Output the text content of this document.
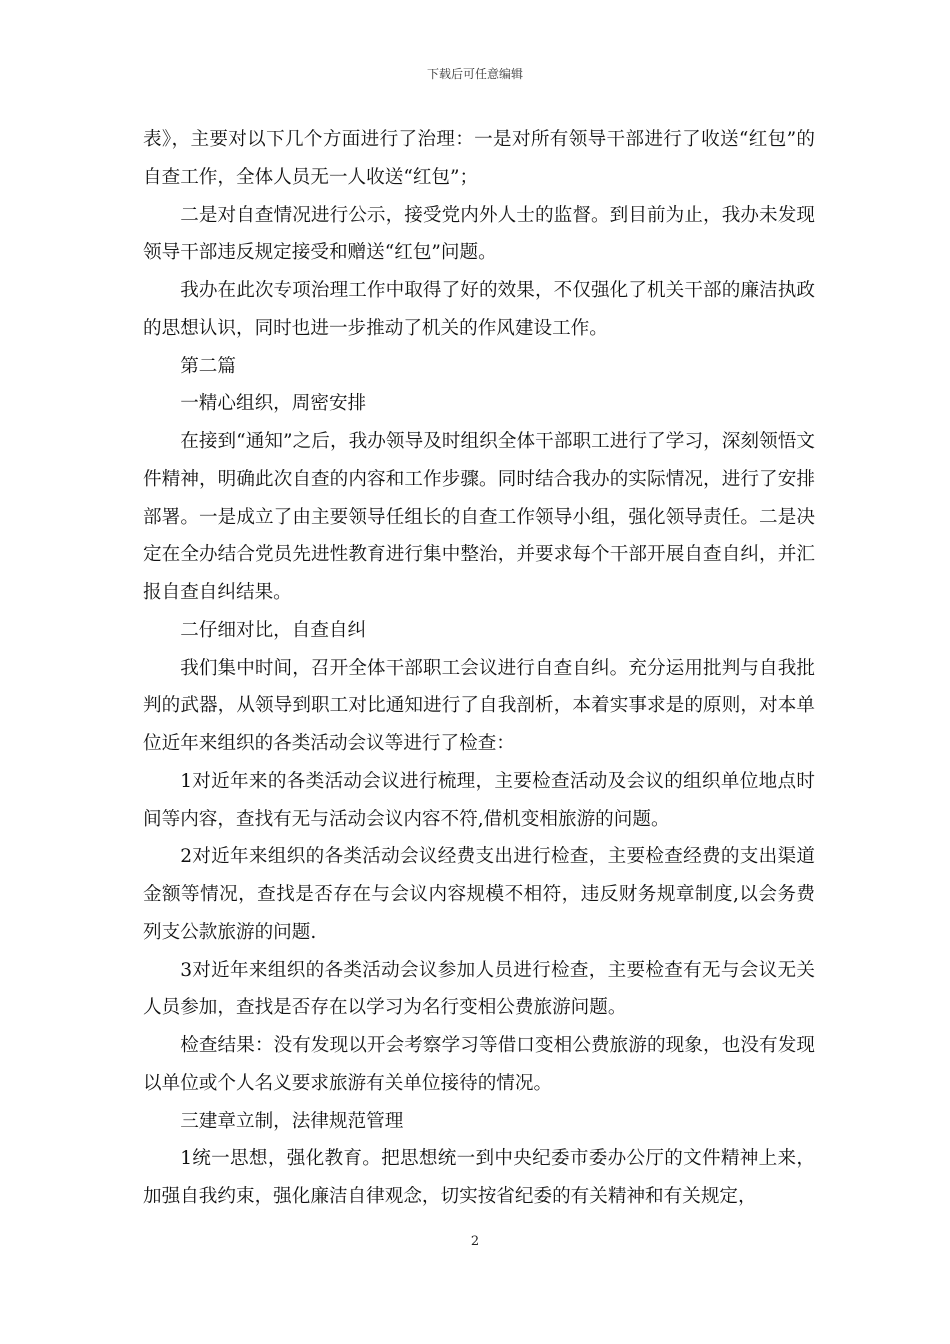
下载后可任意编辑

表》，主要对以下几个方面进行了治理：一是对所有领导干部进行了收送“红包”的自查工作，全体人员无一人收送“红包”；

二是对自查情况进行公示，接受党内外人士的监督。到目前为止，我办未发现领导干部违反规定接受和赠送“红包”问题。

我办在此次专项治理工作中取得了好的效果，不仅强化了机关干部的廉洁执政的思想认识，同时也进一步推动了机关的作风建设工作。

第二篇

一精心组织，周密安排

在接到“通知”之后，我办领导及时组织全体干部职工进行了学习，深刻领悟文件精神，明确此次自查的内容和工作步骤。同时结合我办的实际情况，进行了安排部署。一是成立了由主要领导任组长的自查工作领导小组，强化领导责任。二是决定在全办结合党员先进性教育进行集中整治，并要求每个干部开展自查自纠，并汇报自查自纠结果。

二仔细对比，自查自纠

我们集中时间，召开全体干部职工会议进行自查自纠。充分运用批判与自我批判的武器，从领导到职工对比通知进行了自我剖析，本着实事求是的原则，对本单位近年来组织的各类活动会议等进行了检查：

1对近年来的各类活动会议进行梳理，主要检查活动及会议的组织单位地点时间等内容，查找有无与活动会议内容不符,借机变相旅游的问题。

2对近年来组织的各类活动会议经费支出进行检查，主要检查经费的支出渠道金额等情况，查找是否存在与会议内容规模不相符，违反财务规章制度,以会务费列支公款旅游的问题.

3对近年来组织的各类活动会议参加人员进行检查，主要检查有无与会议无关人员参加，查找是否存在以学习为名行变相公费旅游问题。

检查结果：没有发现以开会考察学习等借口变相公费旅游的现象，也没有发现以单位或个人名义要求旅游有关单位接待的情况。

三建章立制，法律规范管理

1统一思想，强化教育。把思想统一到中央纪委市委办公厅的文件精神上来，加强自我约束，强化廉洁自律观念，切实按省纪委的有关精神和有关规定，

2
